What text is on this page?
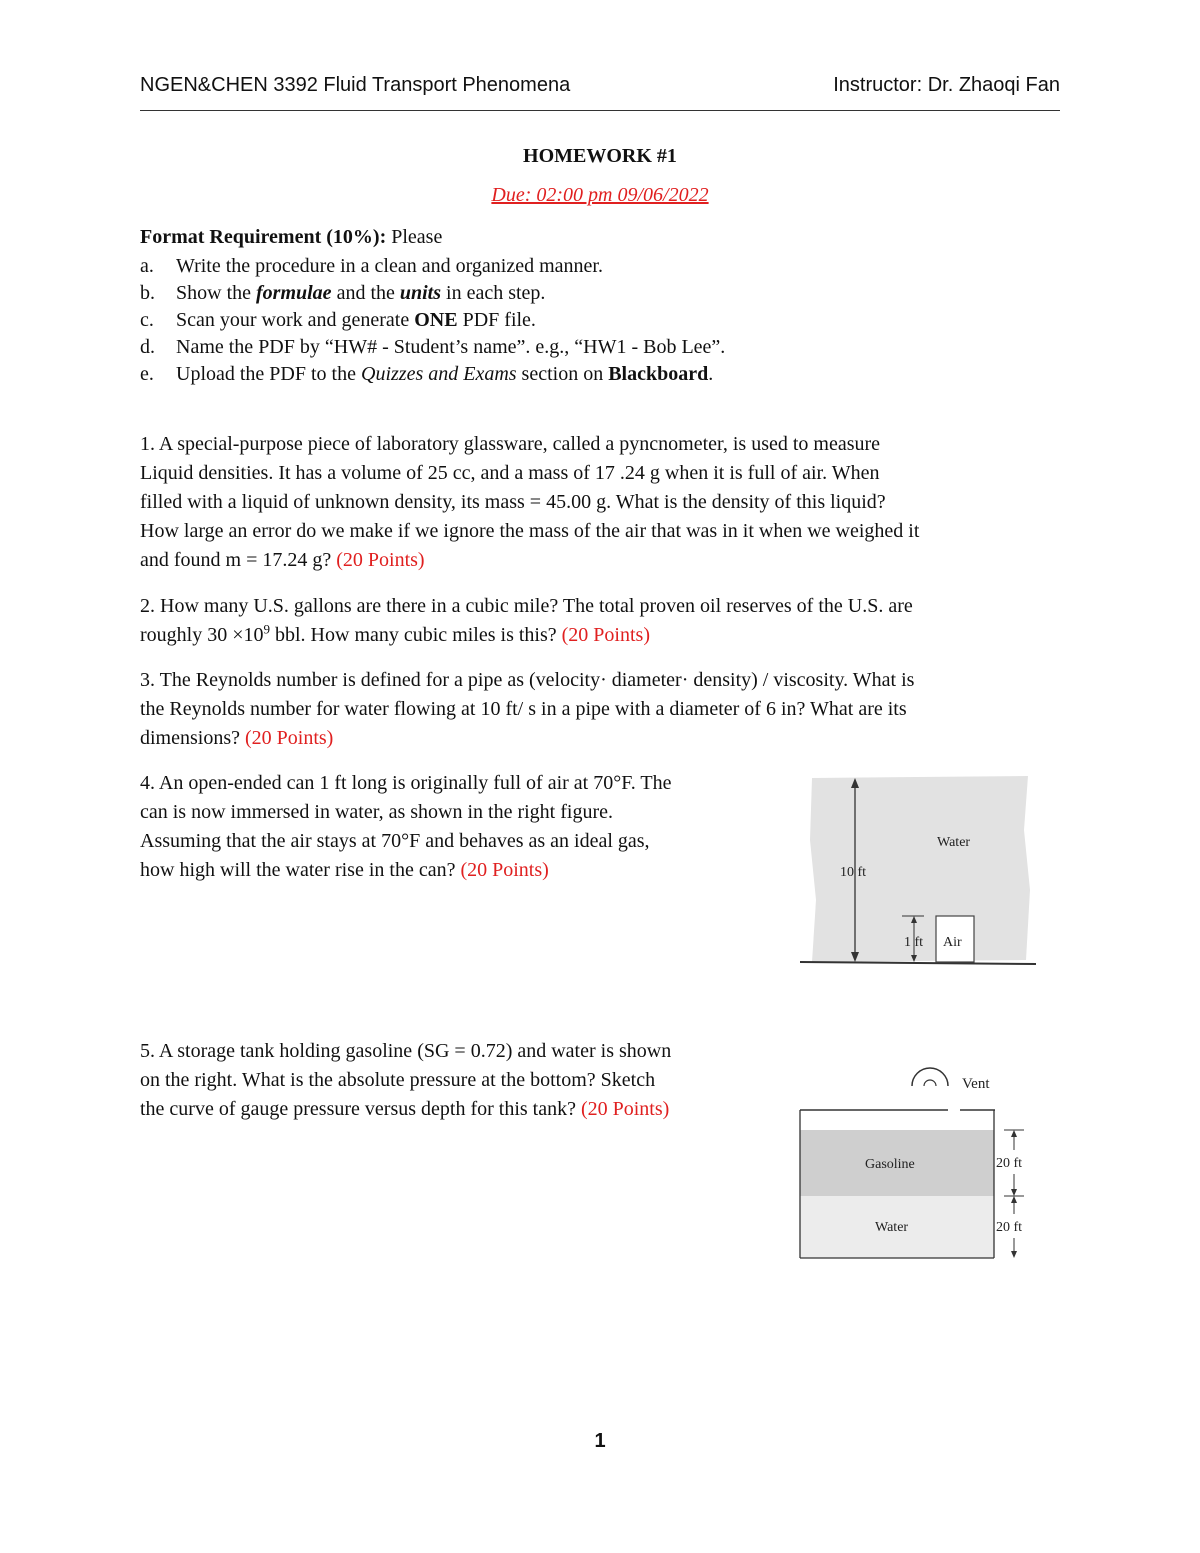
NGEN&CHEN 3392 Fluid Transport Phenomena	Instructor: Dr. Zhaoqi Fan
HOMEWORK #1
Due: 02:00 pm 09/06/2022
Format Requirement (10%): Please
a. Write the procedure in a clean and organized manner.
b. Show the formulae and the units in each step.
c. Scan your work and generate ONE PDF file.
d. Name the PDF by “HW# - Student’s name”. e.g., “HW1 - Bob Lee”.
e. Upload the PDF to the Quizzes and Exams section on Blackboard.
1. A special-purpose piece of laboratory glassware, called a pyncnometer, is used to measure
Liquid densities. It has a volume of 25 cc, and a mass of 17 .24 g when it is full of air. When
filled with a liquid of unknown density, its mass = 45.00 g. What is the density of this liquid?
How large an error do we make if we ignore the mass of the air that was in it when we weighed it
and found m = 17.24 g? (20 Points)
2. How many U.S. gallons are there in a cubic mile? The total proven oil reserves of the U.S. are
roughly $30 \times 10^9$ bbl. How many cubic miles is this? (20 Points)
3. The Reynolds number is defined for a pipe as (velocity· diameter· density) / viscosity. What is
the Reynolds number for water flowing at 10 ft/ s in a pipe with a diameter of 6 in? What are its
dimensions? (20 Points)
4. An open-ended can 1 ft long is originally full of air at 70°F. The
can is now immersed in water, as shown in the right figure.
Assuming that the air stays at 70°F and behaves as an ideal gas,
how high will the water rise in the can? (20 Points)
Water
10 ft
1 ft Air
5. A storage tank holding gasoline (SG = 0.72) and water is shown
on the right. What is the absolute pressure at the bottom? Sketch
the curve of gauge pressure versus depth for this tank? (20 Points)
Vent
Gasoline
Water
20 ft
20 ft
1
